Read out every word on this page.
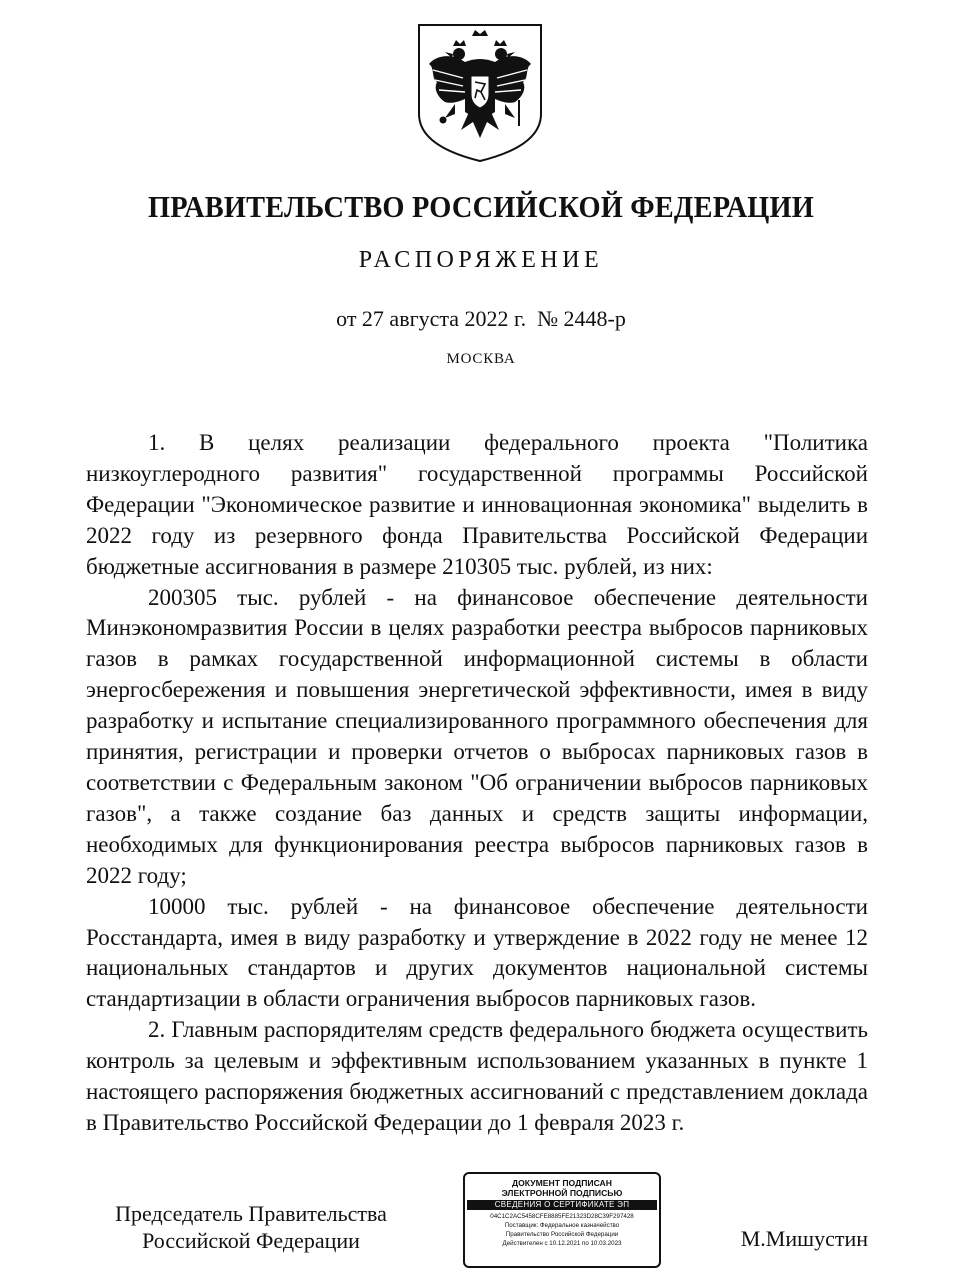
ПРАВИТЕЛЬСТВО РОССИЙСКОЙ ФЕДЕРАЦИИ
РАСПОРЯЖЕНИЕ
от 27 августа 2022 г.  № 2448-р
МОСКВА

1. В целях реализации федерального проекта "Политика низкоуглеродного развития" государственной программы Российской Федерации "Экономическое развитие и инновационная экономика" выделить в 2022 году из резервного фонда Правительства Российской Федерации бюджетные ассигнования в размере 210305 тыс. рублей, из них:

200305 тыс. рублей - на финансовое обеспечение деятельности Минэкономразвития России в целях разработки реестра выбросов парниковых газов в рамках государственной информационной системы в области энергосбережения и повышения энергетической эффективности, имея в виду разработку и испытание специализированного программного обеспечения для принятия, регистрации и проверки отчетов о выбросах парниковых газов в соответствии с Федеральным законом "Об ограничении выбросов парниковых газов", а также создание баз данных и средств защиты информации, необходимых для функционирования реестра выбросов парниковых газов в 2022 году;

10000 тыс. рублей - на финансовое обеспечение деятельности Росстандарта, имея в виду разработку и утверждение в 2022 году не менее 12 национальных стандартов и других документов национальной системы стандартизации в области ограничения выбросов парниковых газов.

2. Главным распорядителям средств федерального бюджета осуществить контроль за целевым и эффективным использованием указанных в пункте 1 настоящего распоряжения бюджетных ассигнований с представлением доклада в Правительство Российской Федерации до 1 февраля 2023 г.

Председатель Правительства
Российской Федерации
ДОКУМЕНТ ПОДПИСАН
ЭЛЕКТРОННОЙ ПОДПИСЬЮ
СВЕДЕНИЯ О СЕРТИФИКАТЕ ЭП
04C1C2AC5458CFE8885FE21323D28C39F297428
Поставщик: Федеральное казначейство
Правительство Российской Федерации
Действителен с 10.12.2021 по 10.03.2023	М.Мишустин
